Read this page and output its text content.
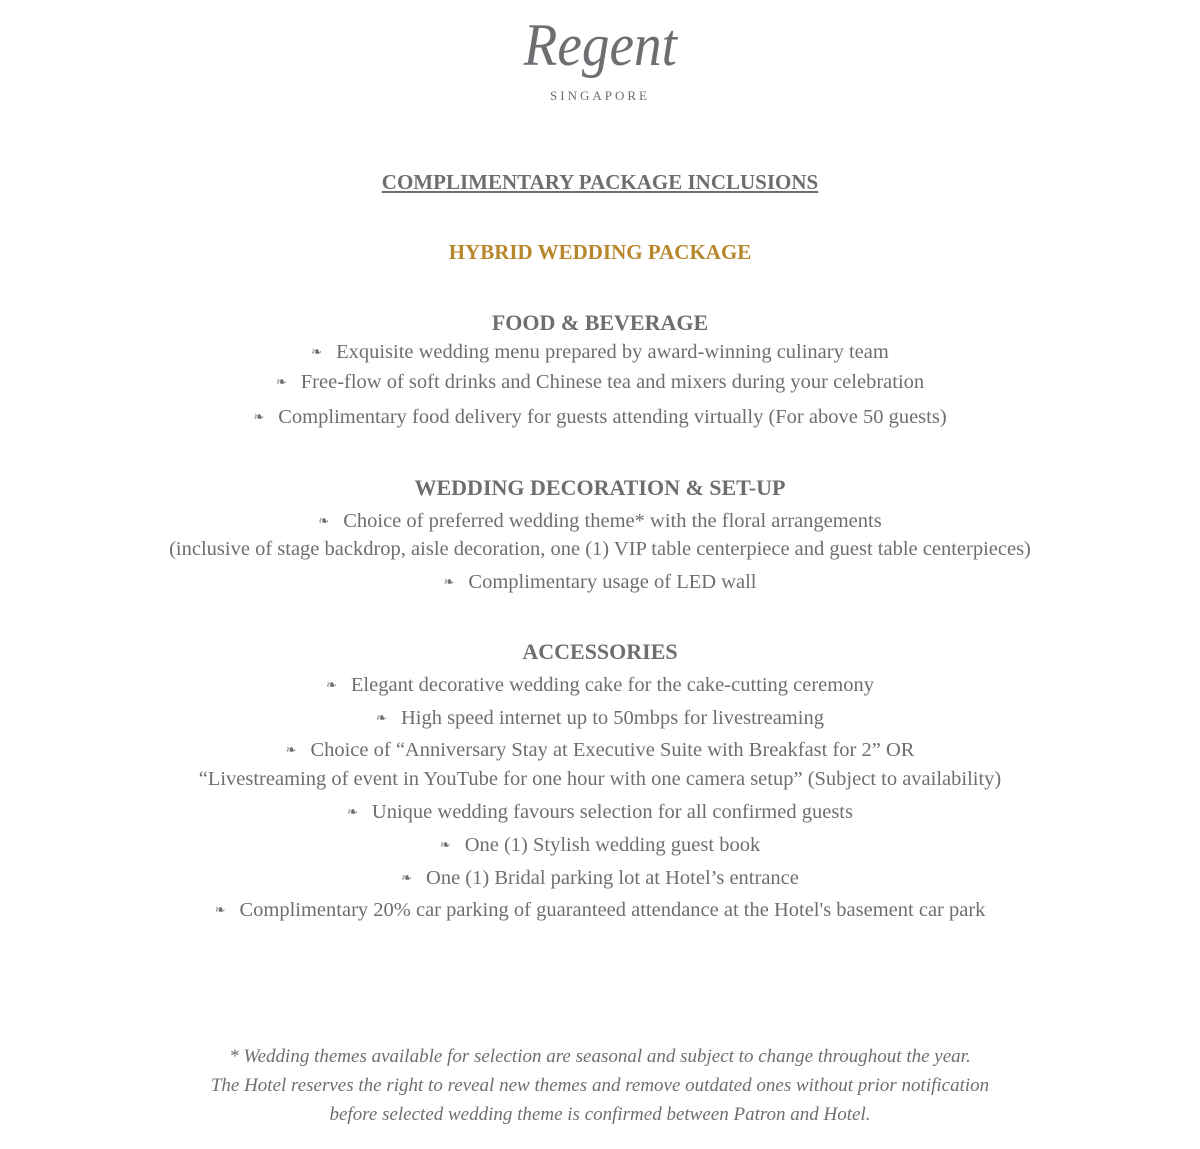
Regent
SINGAPORE
COMPLIMENTARY PACKAGE INCLUSIONS
HYBRID WEDDING PACKAGE
FOOD & BEVERAGE
❧ Exquisite wedding menu prepared by award-winning culinary team
❧ Free-flow of soft drinks and Chinese tea and mixers during your celebration
❧ Complimentary food delivery for guests attending virtually (For above 50 guests)
WEDDING DECORATION & SET-UP
❧ Choice of preferred wedding theme* with the floral arrangements
(inclusive of stage backdrop, aisle decoration, one (1) VIP table centerpiece and guest table centerpieces)
❧ Complimentary usage of LED wall
ACCESSORIES
❧ Elegant decorative wedding cake for the cake-cutting ceremony
❧ High speed internet up to 50mbps for livestreaming
❧ Choice of “Anniversary Stay at Executive Suite with Breakfast for 2” OR
“Livestreaming of event in YouTube for one hour with one camera setup” (Subject to availability)
❧ Unique wedding favours selection for all confirmed guests
❧ One (1) Stylish wedding guest book
❧ One (1) Bridal parking lot at Hotel’s entrance
❧ Complimentary 20% car parking of guaranteed attendance at the Hotel's basement car park
* Wedding themes available for selection are seasonal and subject to change throughout the year.
The Hotel reserves the right to reveal new themes and remove outdated ones without prior notification
before selected wedding theme is confirmed between Patron and Hotel.
